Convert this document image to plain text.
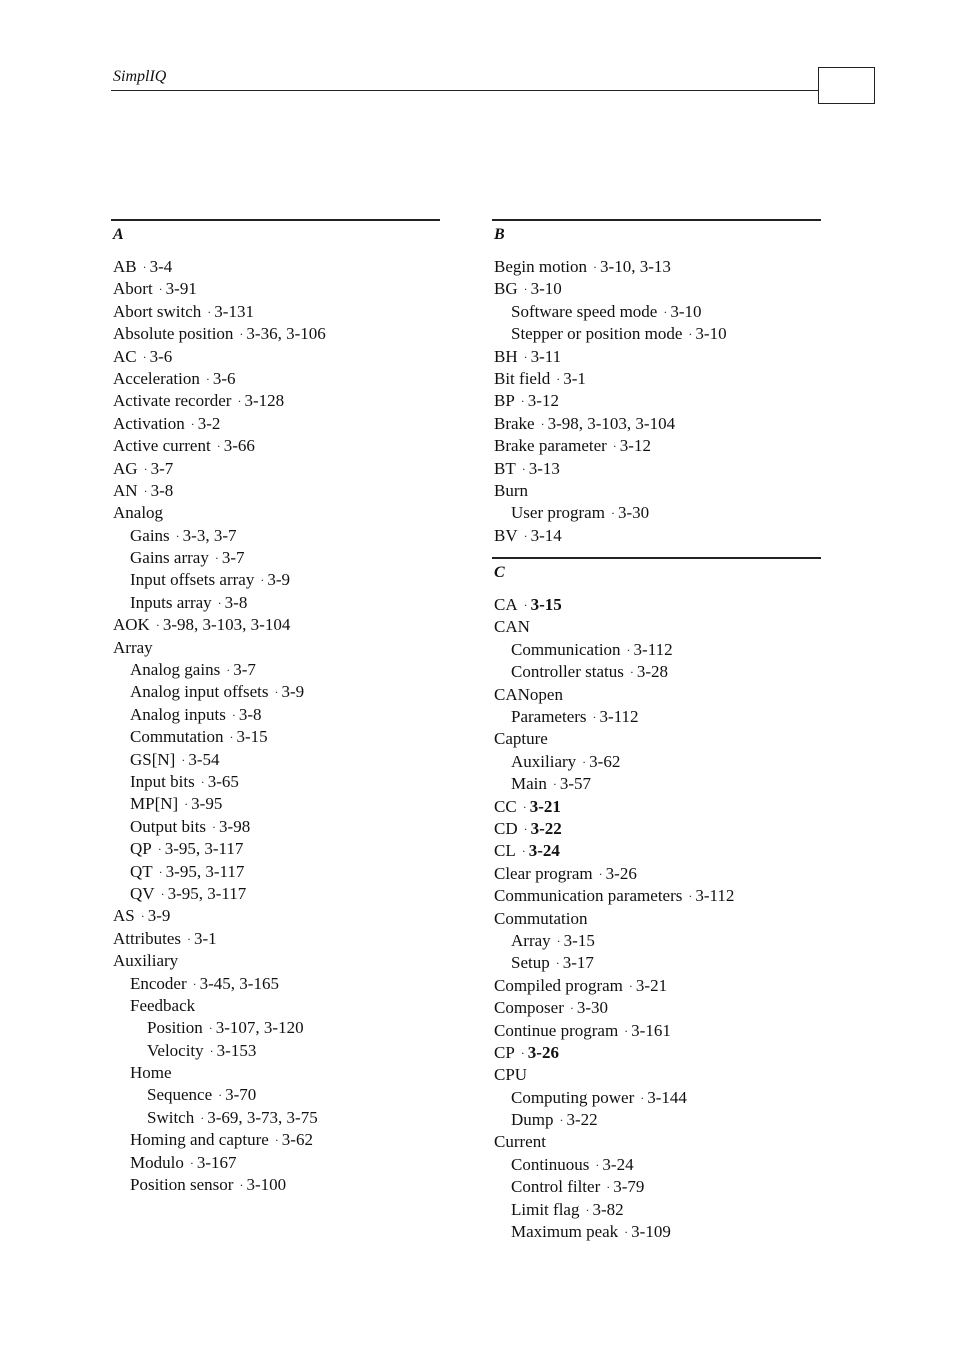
SimplIQ
A
AB · 3-4
Abort · 3-91
Abort switch · 3-131
Absolute position · 3-36, 3-106
AC · 3-6
Acceleration · 3-6
Activate recorder · 3-128
Activation · 3-2
Active current · 3-66
AG · 3-7
AN · 3-8
Analog
Gains · 3-3, 3-7
Gains array · 3-7
Input offsets array · 3-9
Inputs array · 3-8
AOK · 3-98, 3-103, 3-104
Array
Analog gains · 3-7
Analog input offsets · 3-9
Analog inputs · 3-8
Commutation · 3-15
GS[N] · 3-54
Input bits · 3-65
MP[N] · 3-95
Output bits · 3-98
QP · 3-95, 3-117
QT · 3-95, 3-117
QV · 3-95, 3-117
AS · 3-9
Attributes · 3-1
Auxiliary
Encoder · 3-45, 3-165
Feedback
Position · 3-107, 3-120
Velocity · 3-153
Home
Sequence · 3-70
Switch · 3-69, 3-73, 3-75
Homing and capture · 3-62
Modulo · 3-167
Position sensor · 3-100
B
Begin motion · 3-10, 3-13
BG · 3-10
Software speed mode · 3-10
Stepper or position mode · 3-10
BH · 3-11
Bit field · 3-1
BP · 3-12
Brake · 3-98, 3-103, 3-104
Brake parameter · 3-12
BT · 3-13
Burn
User program · 3-30
BV · 3-14
C
CA · 3-15
CAN
Communication · 3-112
Controller status · 3-28
CANopen
Parameters · 3-112
Capture
Auxiliary · 3-62
Main · 3-57
CC · 3-21
CD · 3-22
CL · 3-24
Clear program · 3-26
Communication parameters · 3-112
Commutation
Array · 3-15
Setup · 3-17
Compiled program · 3-21
Composer · 3-30
Continue program · 3-161
CP · 3-26
CPU
Computing power · 3-144
Dump · 3-22
Current
Continuous · 3-24
Control filter · 3-79
Limit flag · 3-82
Maximum peak · 3-109
